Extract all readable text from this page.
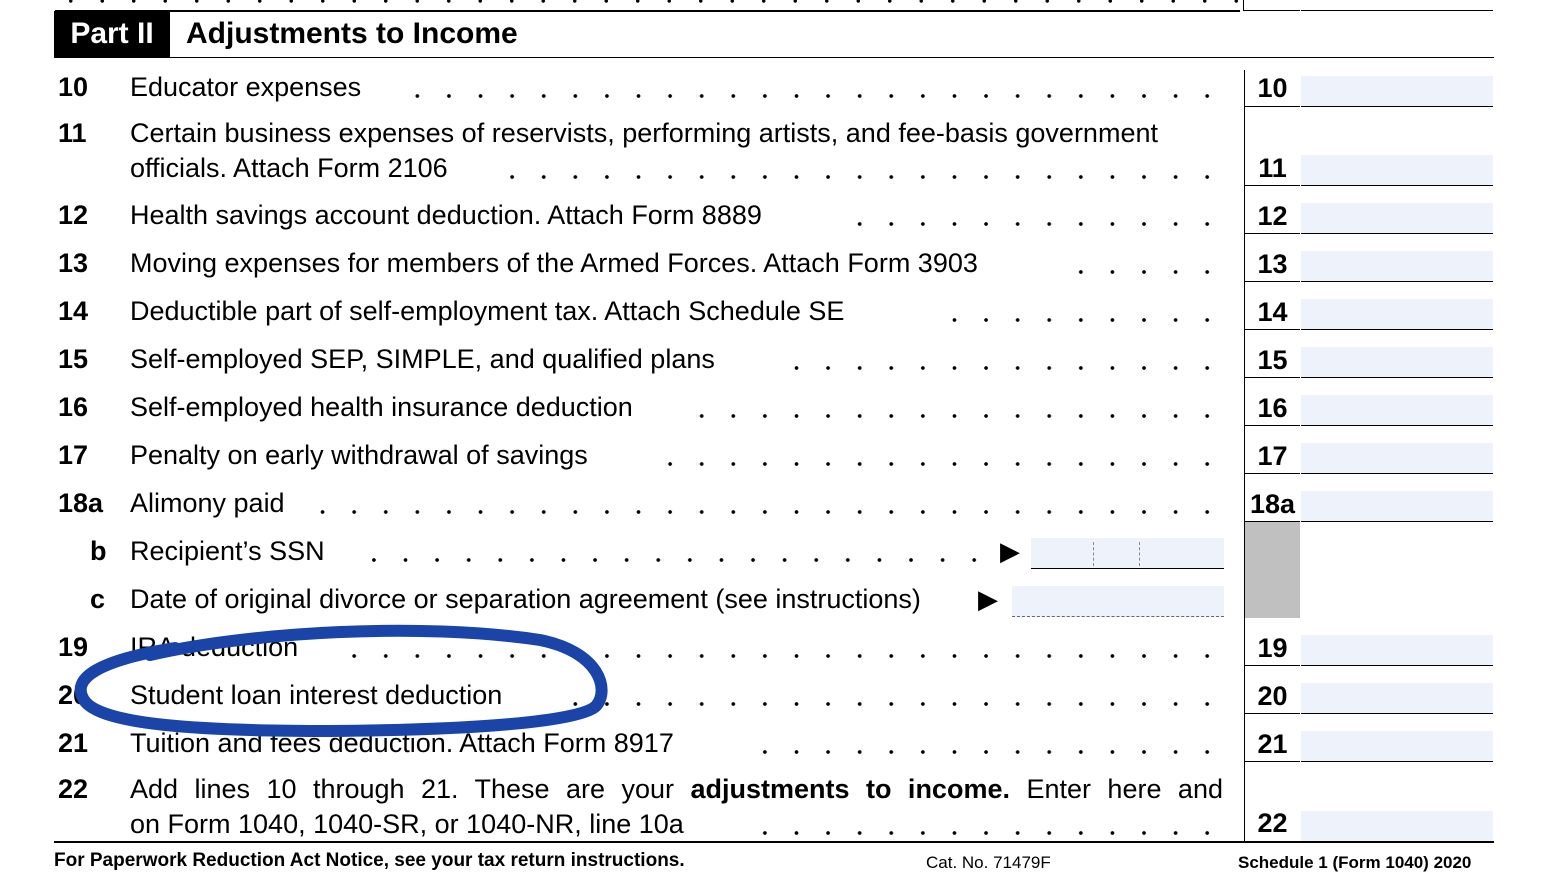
Part II	Adjustments to Income
10	Educator expenses	10
11	Certain business expenses of reservists, performing artists, and fee-basis government
officials. Attach Form 2106	11
12	Health savings account deduction. Attach Form 8889	12
13	Moving expenses for members of the Armed Forces. Attach Form 3903	13
14	Deductible part of self-employment tax. Attach Schedule SE	14
15	Self-employed SEP, SIMPLE, and qualified plans	15
16	Self-employed health insurance deduction	16
17	Penalty on early withdrawal of savings	17
18a Alimony paid	18a
b Recipient’s SSN	▶
c Date of original divorce or separation agreement (see instructions) ▶
19	IRA deduction	19
20	Student loan interest deduction	20
21	Tuition and fees deduction. Attach Form 8917	21
22	Add lines 10 through 21. These are your adjustments to income. Enter here and
on Form 1040, 1040-SR, or 1040-NR, line 10a	22
For Paperwork Reduction Act Notice, see your tax return instructions.	Cat. No. 71479F	Schedule 1 (Form 1040) 2020
